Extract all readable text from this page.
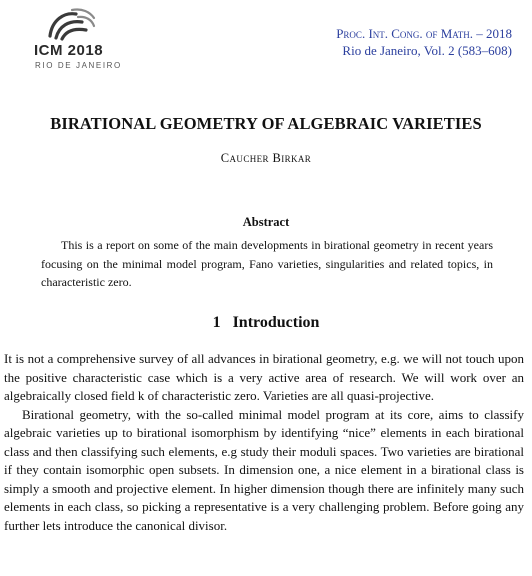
ICM 2018
RIO DE JANEIRO
Proc. Int. Cong. of Math. – 2018
Rio de Janeiro, Vol. 2 (583–608)
BIRATIONAL GEOMETRY OF ALGEBRAIC VARIETIES
Caucher Birkar
Abstract
This is a report on some of the main developments in birational geometry in recent years focusing on the minimal model program, Fano varieties, singularities and related topics, in characteristic zero.
1 Introduction

It is not a comprehensive survey of all advances in birational geometry, e.g. we will not touch upon the positive characteristic case which is a very active area of research. We will work over an algebraically closed field k of characteristic zero. Varieties are all quasi-projective.

Birational geometry, with the so-called minimal model program at its core, aims to classify algebraic varieties up to birational isomorphism by identifying “nice” elements in each birational class and then classifying such elements, e.g study their moduli spaces. Two varieties are birational if they contain isomorphic open subsets. In dimension one, a nice element in a birational class is simply a smooth and projective element. In higher dimension though there are infinitely many such elements in each class, so picking a representative is a very challenging problem. Before going any further lets introduce the canonical divisor.
